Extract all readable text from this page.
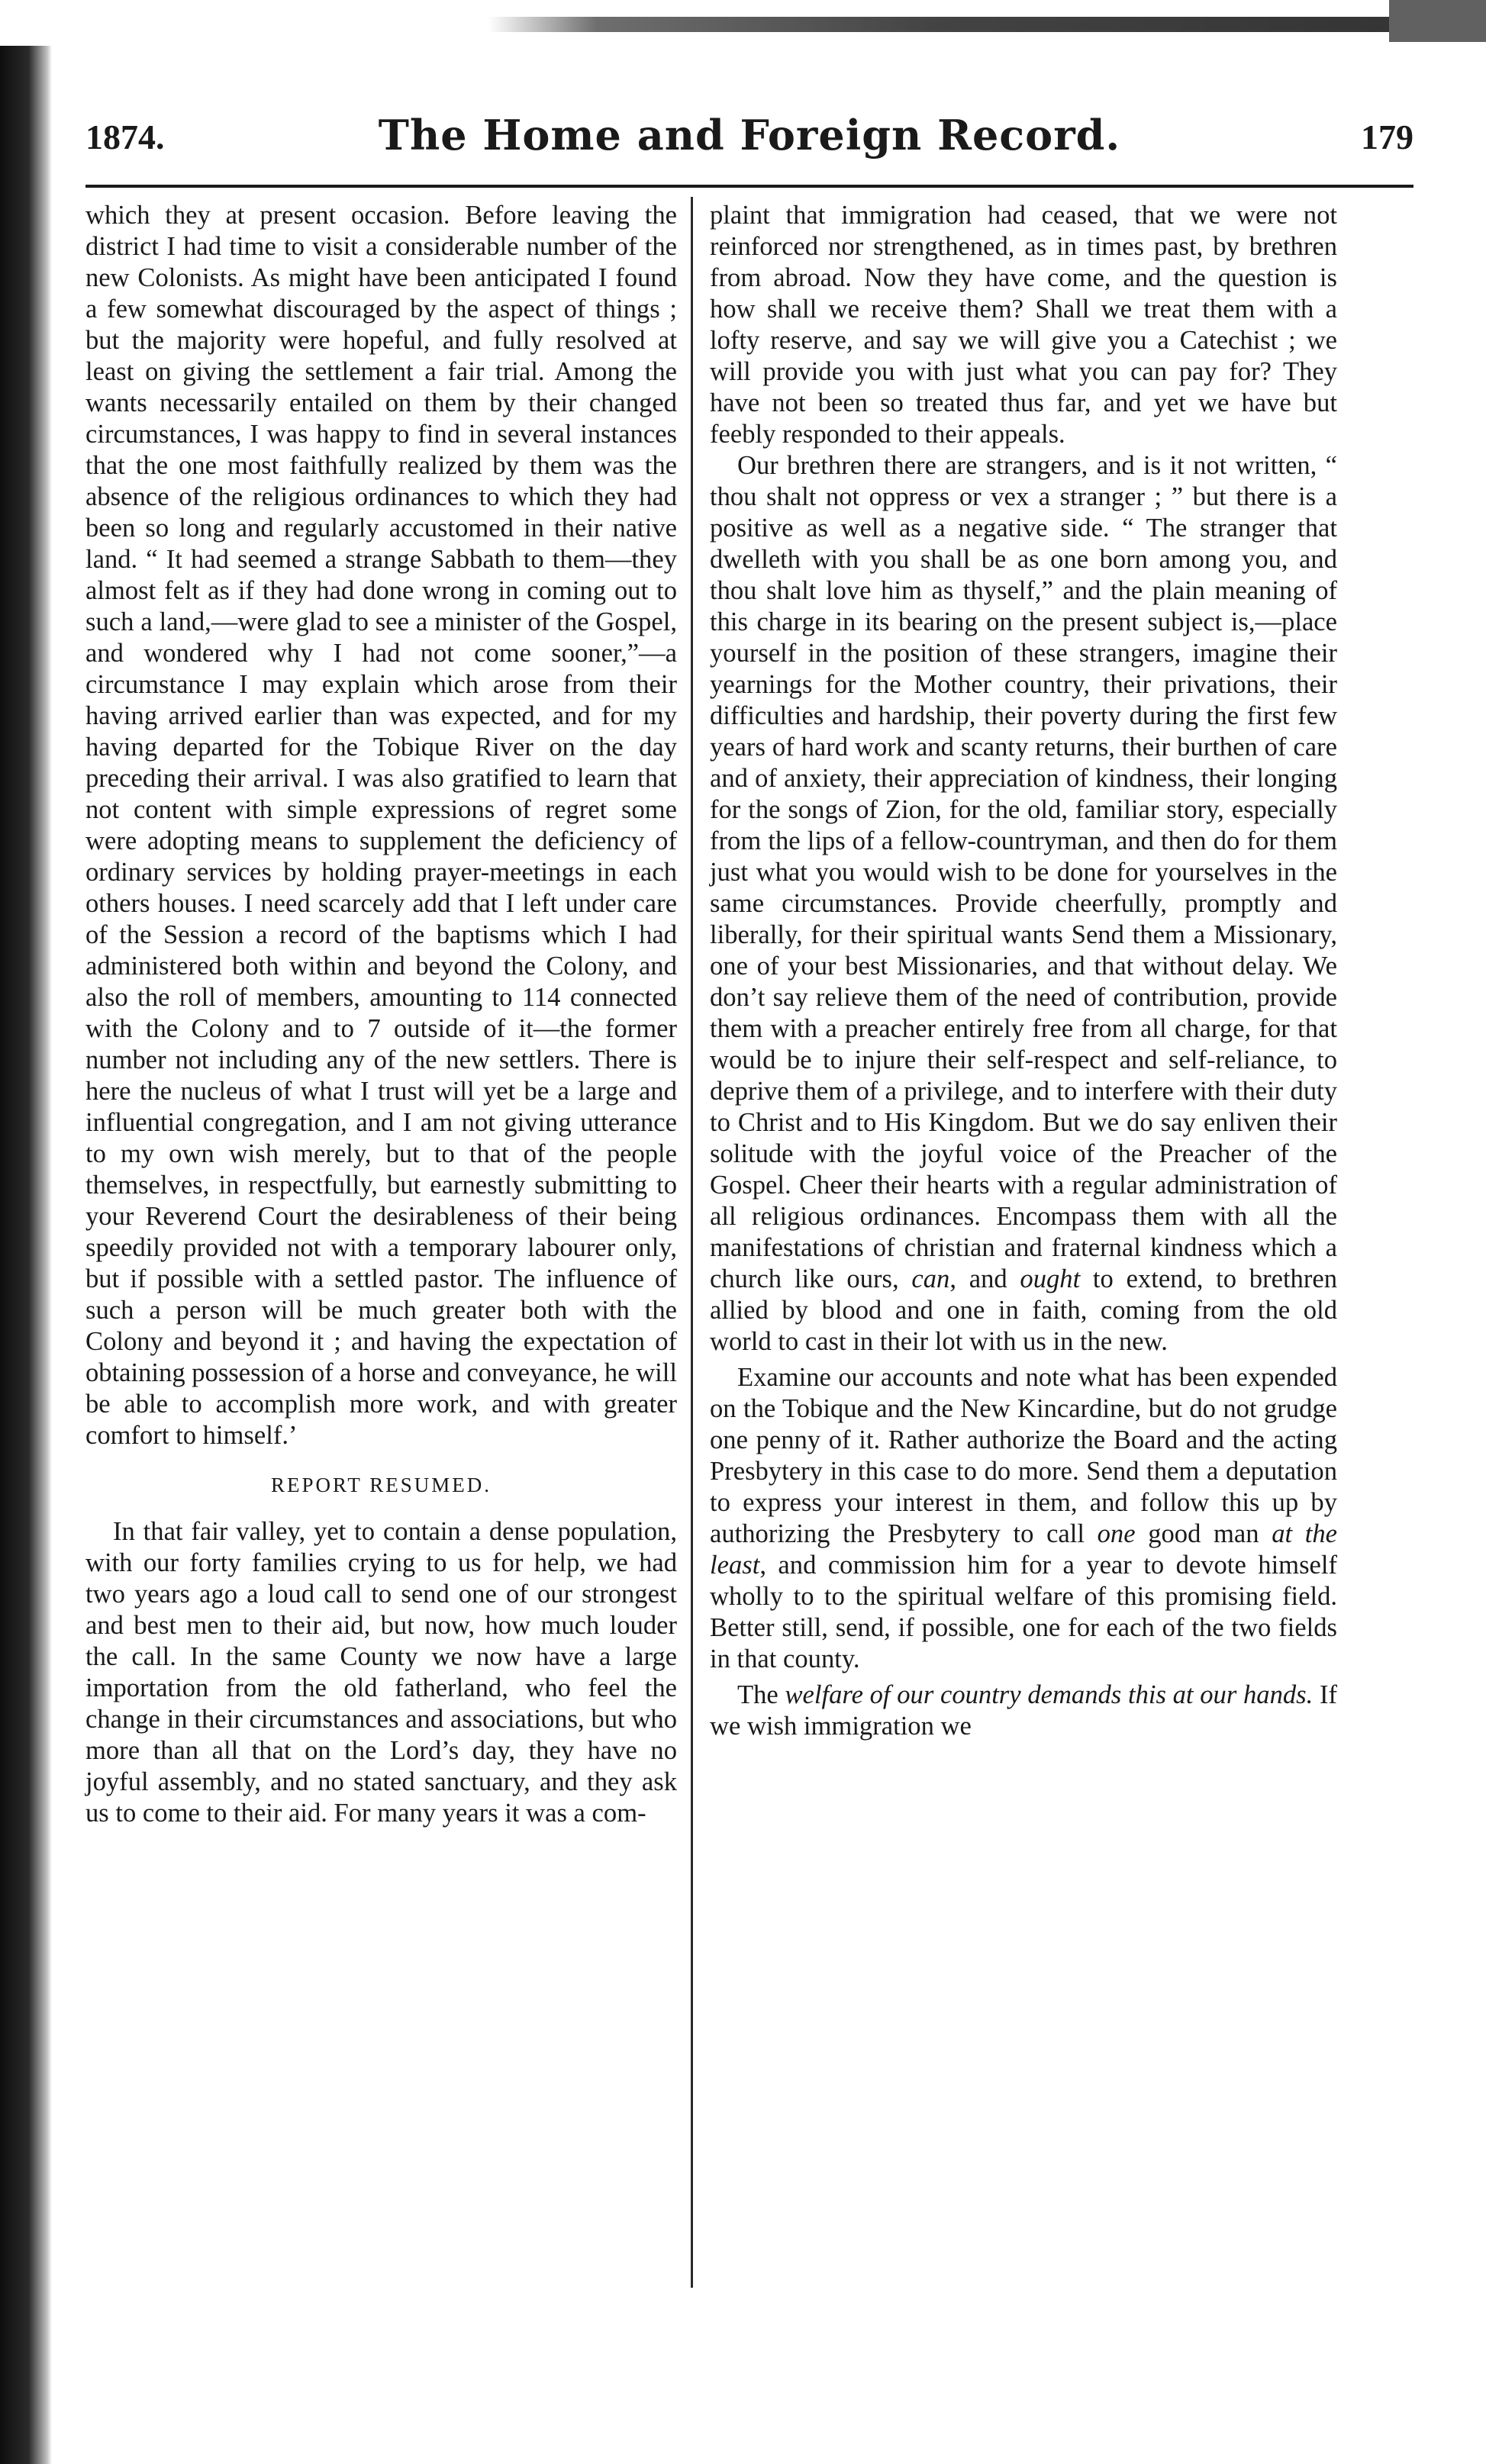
1874.	The Home and Foreign Record.	179

which they at present occasion. Before leaving the district I had time to visit a considerable number of the new Colonists. As might have been anticipated I found a few somewhat discouraged by the aspect of things ; but the majority were hopeful, and fully resolved at least on giving the settlement a fair trial. Among the wants necessarily entailed on them by their changed circumstances, I was happy to find in several instances that the one most faithfully realized by them was the absence of the religious ordinances to which they had been so long and regularly accustomed in their native land. “ It had seemed a strange Sabbath to them—they almost felt as if they had done wrong in coming out to such a land,—were glad to see a minister of the Gospel, and wondered why I had not come sooner,”—a circumstance I may explain which arose from their having arrived earlier than was expected, and for my having departed for the Tobique River on the day preceding their arrival. I was also gratified to learn that not content with simple expressions of regret some were adopting means to supplement the deficiency of ordinary services by holding prayer-meetings in each others houses. I need scarcely add that I left under care of the Session a record of the baptisms which I had administered both within and beyond the Colony, and also the roll of members, amounting to 114 connected with the Colony and to 7 outside of it—the former number not including any of the new settlers. There is here the nucleus of what I trust will yet be a large and influential congregation, and I am not giving utterance to my own wish merely, but to that of the people themselves, in respectfully, but earnestly submitting to your Reverend Court the desirableness of their being speedily provided not with a temporary labourer only, but if possible with a settled pastor. The influence of such a person will be much greater both with the Colony and beyond it ; and having the expectation of obtaining possession of a horse and conveyance, he will be able to accomplish more work, and with greater comfort to himself.’

REPORT RESUMED.

In that fair valley, yet to contain a dense population, with our forty families crying to us for help, we had two years ago a loud call to send one of our strongest and best men to their aid, but now, how much louder the call. In the same County we now have a large importation from the old fatherland, who feel the change in their circumstances and associations, but who more than all that on the Lord’s day, they have no joyful assembly, and no stated sanctuary, and they ask us to come to their aid. For many years it was a com-

plaint that immigration had ceased, that we were not reinforced nor strengthened, as in times past, by brethren from abroad. Now they have come, and the question is how shall we receive them? Shall we treat them with a lofty reserve, and say we will give you a Catechist ; we will provide you with just what you can pay for? They have not been so treated thus far, and yet we have but feebly responded to their appeals.

Our brethren there are strangers, and is it not written, “ thou shalt not oppress or vex a stranger ; ” but there is a positive as well as a negative side. “ The stranger that dwelleth with you shall be as one born among you, and thou shalt love him as thyself,” and the plain meaning of this charge in its bearing on the present subject is,—place yourself in the position of these strangers, imagine their yearnings for the Mother country, their privations, their difficulties and hardship, their poverty during the first few years of hard work and scanty returns, their burthen of care and of anxiety, their appreciation of kindness, their longing for the songs of Zion, for the old, familiar story, especially from the lips of a fellow-countryman, and then do for them just what you would wish to be done for yourselves in the same circumstances. Provide cheerfully, promptly and liberally, for their spiritual wants Send them a Missionary, one of your best Missionaries, and that without delay. We don’t say relieve them of the need of contribution, provide them with a preacher entirely free from all charge, for that would be to injure their self-respect and self-reliance, to deprive them of a privilege, and to interfere with their duty to Christ and to His Kingdom. But we do say enliven their solitude with the joyful voice of the Preacher of the Gospel. Cheer their hearts with a regular administration of all religious ordinances. Encompass them with all the manifestations of christian and fraternal kindness which a church like ours, can, and ought to extend, to brethren allied by blood and one in faith, coming from the old world to cast in their lot with us in the new.

Examine our accounts and note what has been expended on the Tobique and the New Kincardine, but do not grudge one penny of it. Rather authorize the Board and the acting Presbytery in this case to do more. Send them a deputation to express your interest in them, and follow this up by authorizing the Presbytery to call one good man at the least, and commission him for a year to devote himself wholly to to the spiritual welfare of this promising field. Better still, send, if possible, one for each of the two fields in that county.

The welfare of our country demands this at our hands. If we wish immigration we
